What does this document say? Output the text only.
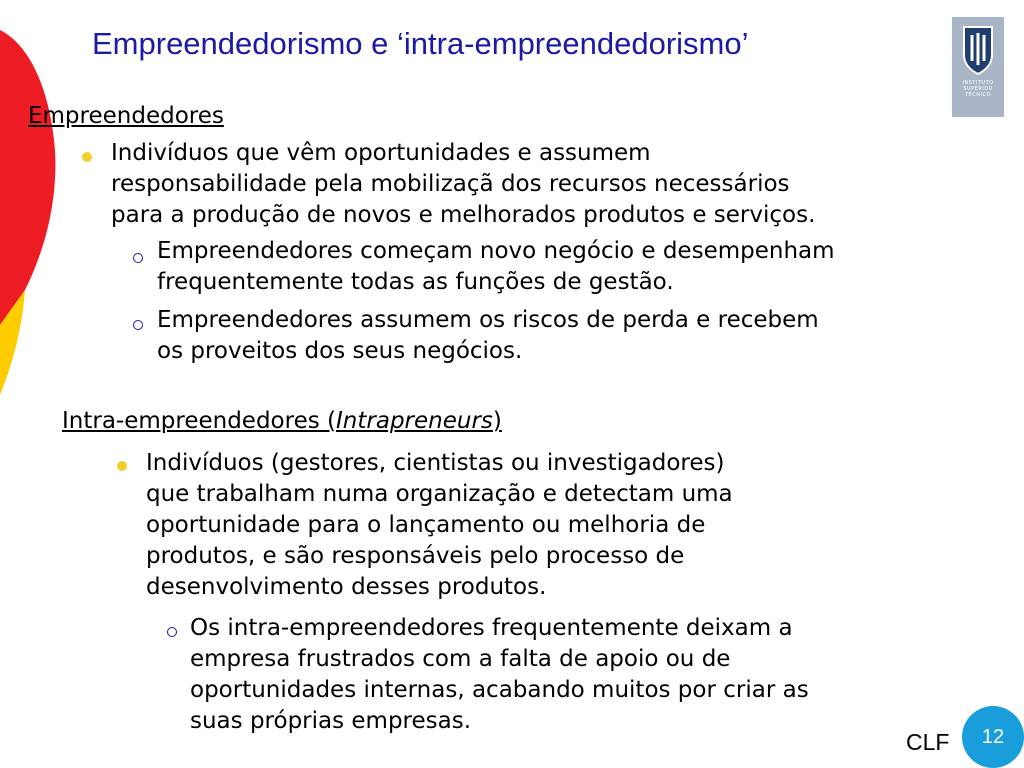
Empreendedorismo e ‘intra-empreendedorismo’
INSTITUTO SUPERIOR TÉCNICO
Empreendedores
Indivíduos que vêm oportunidades e assumem
responsabilidade pela mobilizaçã dos recursos necessários
para a produção de novos e melhorados produtos e serviços.
Empreendedores começam novo negócio e desempenham
frequentemente todas as funções de gestão.
Empreendedores assumem os riscos de perda e recebem
os proveitos dos seus negócios.
Intra-empreendedores (Intrapreneurs)
Indivíduos (gestores, cientistas ou investigadores)
que trabalham numa organização e detectam uma
oportunidade para o lançamento ou melhoria de
produtos, e são responsáveis pelo processo de
desenvolvimento desses produtos.
Os intra-empreendedores frequentemente deixam a
empresa frustrados com a falta de apoio ou de
oportunidades internas, acabando muitos por criar as
suas próprias empresas.
CLF	12
